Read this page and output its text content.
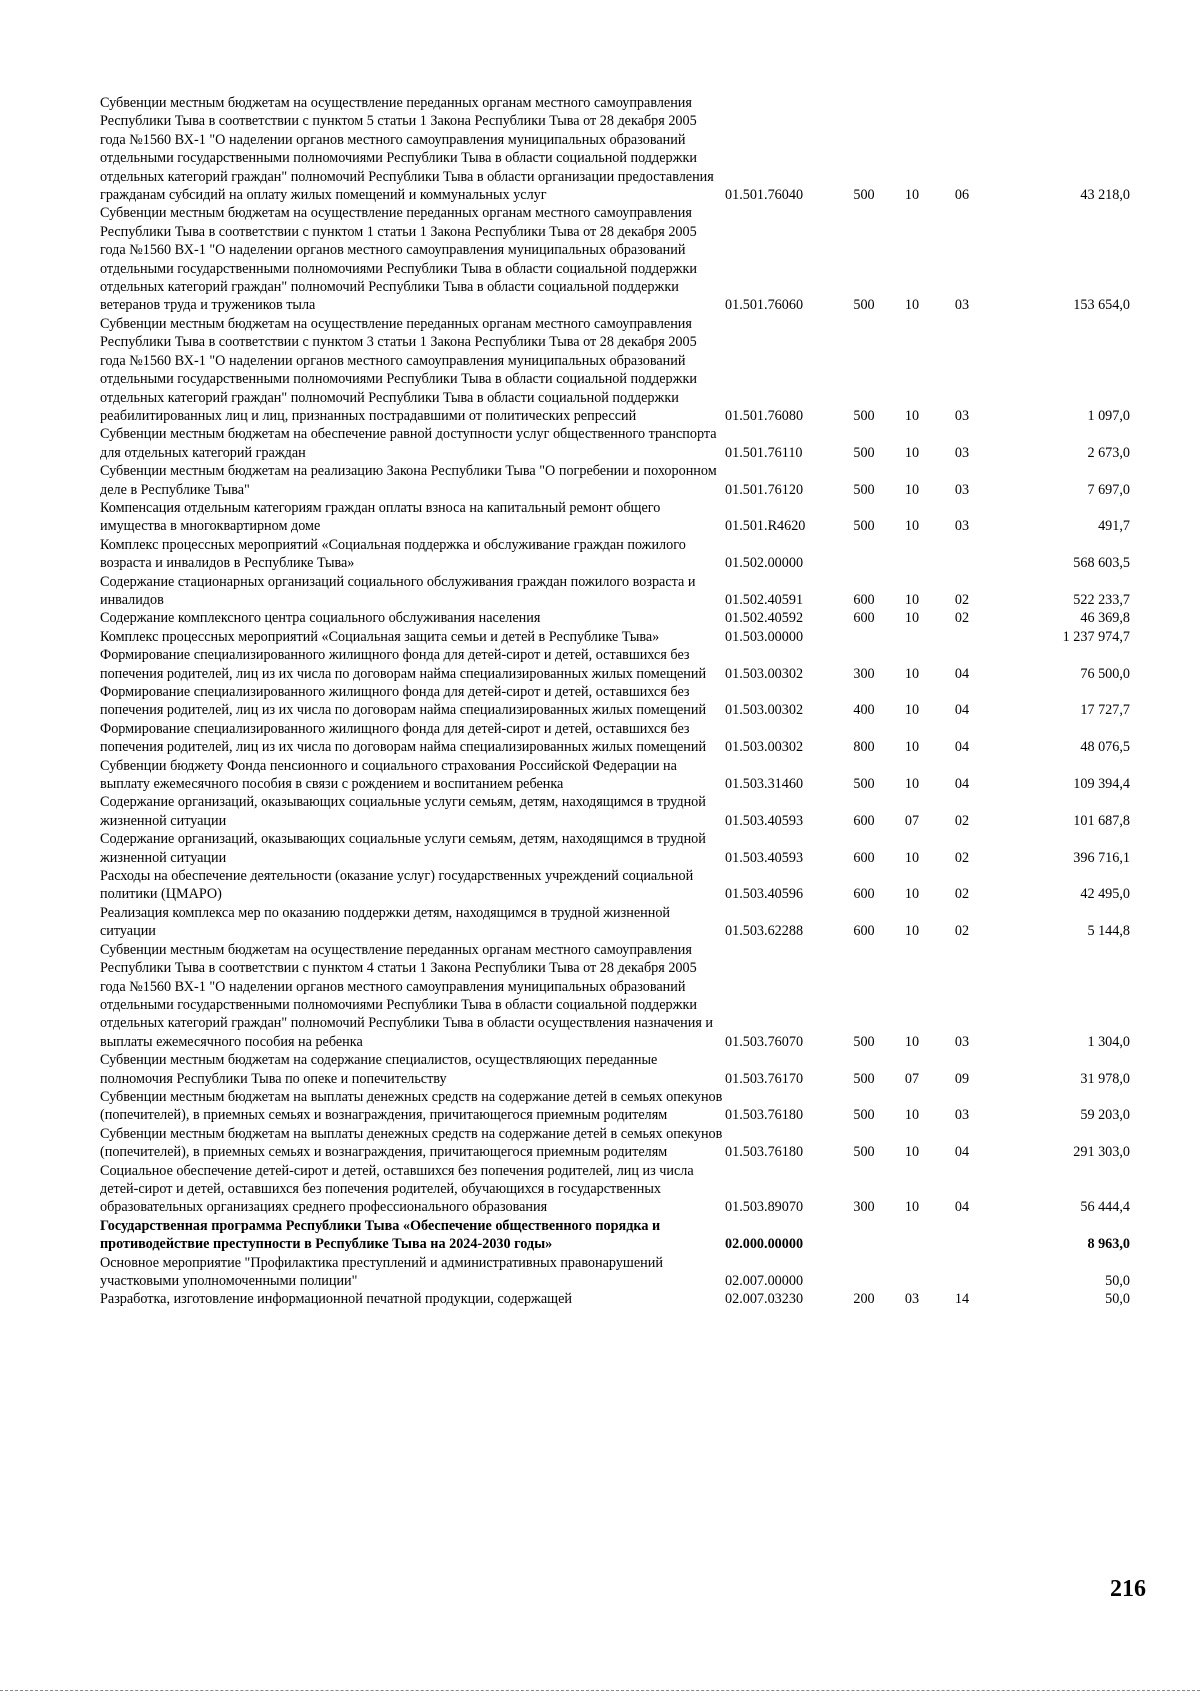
Субвенции местным бюджетам на осуществление переданных органам местного самоуправления Республики Тыва в соответствии с пунктом 5 статьи 1 Закона Республики Тыва от 28 декабря 2005 года №1560 ВХ-1 "О наделении органов местного самоуправления муниципальных образований отдельными государственными полномочиями Республики Тыва в области социальной поддержки отдельных категорий граждан" полномочий Республики Тыва в области организации предоставления гражданам субсидий на оплату жилых помещений и коммунальных услуг	01.501.76040	500	10	06	43 218,0
Субвенции местным бюджетам на осуществление переданных органам местного самоуправления Республики Тыва в соответствии с пунктом 1 статьи 1 Закона Республики Тыва от 28 декабря 2005 года №1560 ВХ-1 "О наделении органов местного самоуправления муниципальных образований отдельными государственными полномочиями Республики Тыва в области социальной поддержки отдельных категорий граждан" полномочий Республики Тыва в области социальной поддержки ветеранов труда и тружеников тыла	01.501.76060	500	10	03	153 654,0
Субвенции местным бюджетам на осуществление переданных органам местного самоуправления Республики Тыва в соответствии с пунктом 3 статьи 1 Закона Республики Тыва от 28 декабря 2005 года №1560 ВХ-1 "О наделении органов местного самоуправления муниципальных образований отдельными государственными полномочиями Республики Тыва в области социальной поддержки отдельных категорий граждан" полномочий Республики Тыва в области социальной поддержки реабилитированных лиц и лиц, признанных пострадавшими от политических репрессий	01.501.76080	500	10	03	1 097,0
Субвенции местным бюджетам на обеспечение равной доступности услуг общественного транспорта для отдельных категорий граждан	01.501.76110	500	10	03	2 673,0
Субвенции местным бюджетам на реализацию Закона Республики Тыва "О погребении и похоронном деле в Республике Тыва"	01.501.76120	500	10	03	7 697,0
Компенсация отдельным категориям граждан оплаты взноса на капитальный ремонт общего имущества в многоквартирном доме	01.501.R4620	500	10	03	491,7
Комплекс процессных мероприятий «Социальная поддержка и обслуживание граждан пожилого возраста и инвалидов в Республике Тыва»	01.502.00000				568 603,5
Содержание стационарных организаций социального обслуживания граждан пожилого возраста и инвалидов	01.502.40591	600	10	02	522 233,7
Содержание комплексного центра социального обслуживания населения	01.502.40592	600	10	02	46 369,8
Комплекс процессных мероприятий «Социальная защита семьи и детей в Республике Тыва»	01.503.00000				1 237 974,7
Формирование специализированного жилищного фонда для детей-сирот и детей, оставшихся без попечения родителей, лиц из их числа по договорам найма специализированных жилых помещений	01.503.00302	300	10	04	76 500,0
Формирование специализированного жилищного фонда для детей-сирот и детей, оставшихся без попечения родителей, лиц из их числа по договорам найма специализированных жилых помещений	01.503.00302	400	10	04	17 727,7
Формирование специализированного жилищного фонда для детей-сирот и детей, оставшихся без попечения родителей, лиц из их числа по договорам найма специализированных жилых помещений	01.503.00302	800	10	04	48 076,5
Субвенции бюджету Фонда пенсионного и социального страхования Российской Федерации на выплату ежемесячного пособия в связи с рождением и воспитанием ребенка	01.503.31460	500	10	04	109 394,4
Содержание организаций, оказывающих социальные услуги семьям, детям, находящимся в трудной жизненной ситуации	01.503.40593	600	07	02	101 687,8
Содержание организаций, оказывающих социальные услуги семьям, детям, находящимся в трудной жизненной ситуации	01.503.40593	600	10	02	396 716,1
Расходы на обеспечение деятельности (оказание услуг) государственных учреждений социальной политики (ЦМАРО)	01.503.40596	600	10	02	42 495,0
Реализация комплекса мер по оказанию поддержки детям, находящимся в трудной жизненной ситуации	01.503.62288	600	10	02	5 144,8
Субвенции местным бюджетам на осуществление переданных органам местного самоуправления Республики Тыва в соответствии с пунктом 4 статьи 1 Закона Республики Тыва от 28 декабря 2005 года №1560 ВХ-1 "О наделении органов местного самоуправления муниципальных образований отдельными государственными полномочиями Республики Тыва в области социальной поддержки отдельных категорий граждан" полномочий Республики Тыва в области осуществления назначения и выплаты ежемесячного пособия на ребенка	01.503.76070	500	10	03	1 304,0
Субвенции местным бюджетам на содержание специалистов, осуществляющих переданные полномочия Республики Тыва по опеке и попечительству	01.503.76170	500	07	09	31 978,0
Субвенции местным бюджетам на выплаты денежных средств на содержание детей в семьях опекунов (попечителей), в приемных семьях и вознаграждения, причитающегося приемным родителям	01.503.76180	500	10	03	59 203,0
Субвенции местным бюджетам на выплаты денежных средств на содержание детей в семьях опекунов (попечителей), в приемных семьях и вознаграждения, причитающегося приемным родителям	01.503.76180	500	10	04	291 303,0
Социальное обеспечение детей-сирот и детей, оставшихся без попечения родителей, лиц из числа детей-сирот и детей, оставшихся без попечения родителей, обучающихся в государственных образовательных организациях среднего профессионального образования	01.503.89070	300	10	04	56 444,4
Государственная программа Республики Тыва «Обеспечение общественного порядка и противодействие преступности в Республике Тыва на 2024-2030 годы»	02.000.00000				8 963,0
Основное мероприятие "Профилактика преступлений и административных правонарушений участковыми уполномоченными полиции"	02.007.00000				50,0
Разработка, изготовление информационной печатной продукции, содержащей	02.007.03230	200	03	14	50,0
216
